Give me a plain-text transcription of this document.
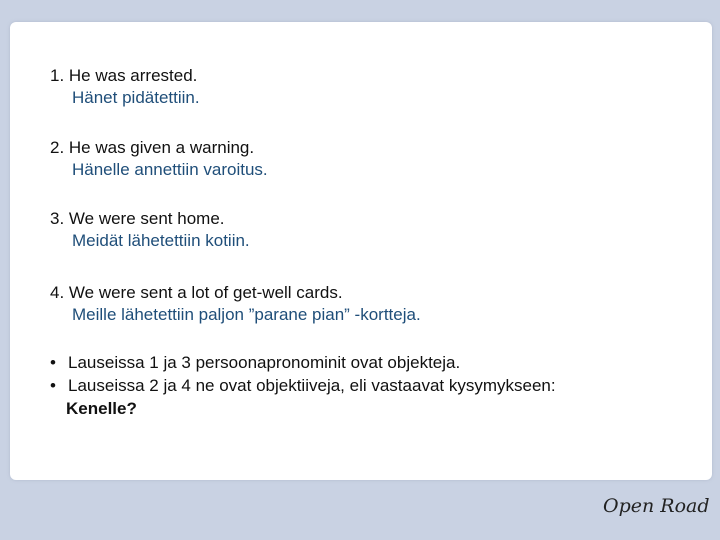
1. He was arrested.
Hänet pidätettiin.
2. He was given a warning.
Hänelle annettiin varoitus.
3. We were sent home.
Meidät lähetettiin kotiin.
4. We were sent a lot of get-well cards.
Meille lähetettiin paljon ”parane pian” -kortteja.
• Lauseissa 1 ja 3 persoonapronominit ovat objekteja.
• Lauseissa 2 ja 4 ne ovat objektiiveja, eli vastaavat kysymykseen:
Kenelle?
Open Road
